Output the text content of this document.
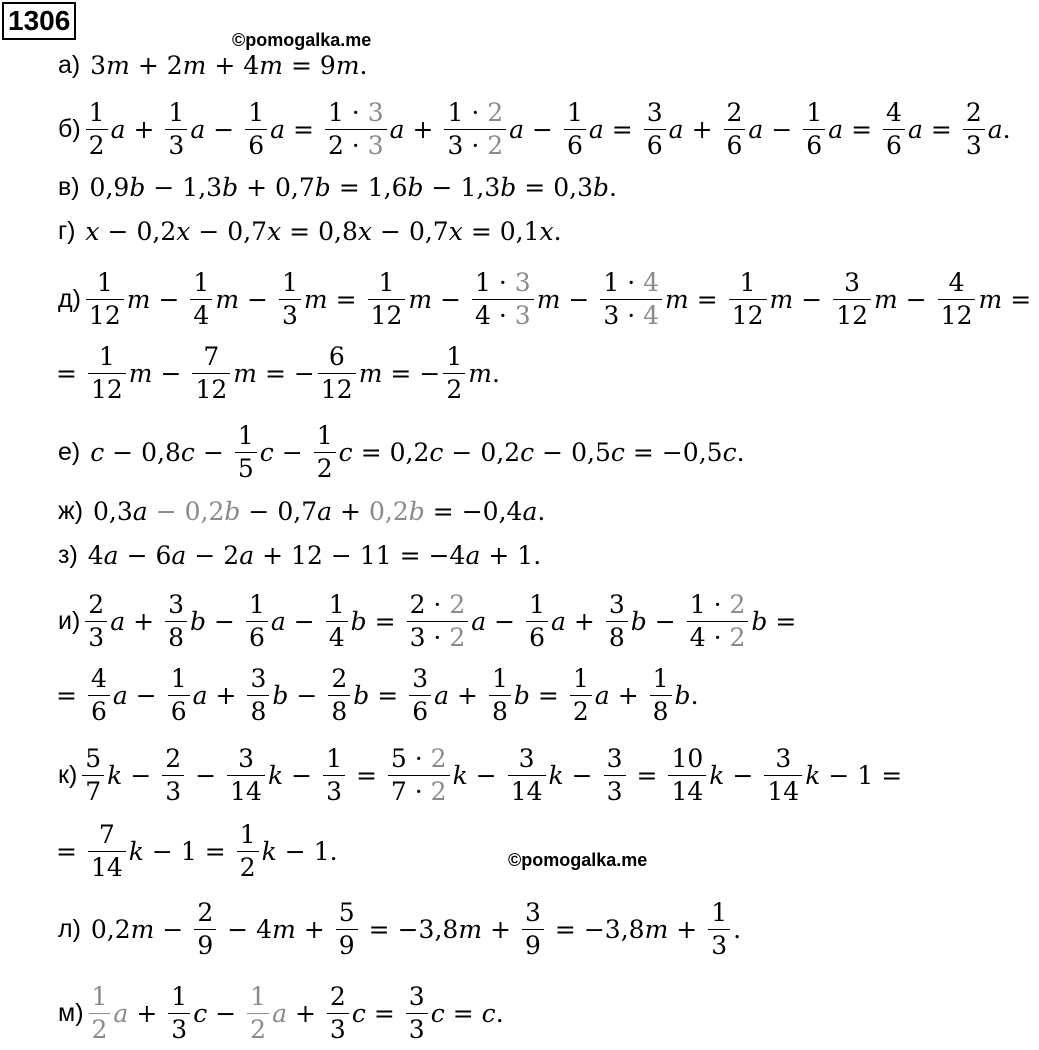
1306
©pomogalka.me
©pomogalka.me
а) 3m + 2m + 4m = 9m.
$б) \frac{1}{2}$ $a + \frac{1}{3}$ $a - \frac{1}{6}$ $a = \frac{1 \cdot 3}{2 \cdot 3}$ $a + \frac{1 \cdot 2}{3 \cdot 2}$ $a - \frac{1}{6}$ $a = \frac{3}{6}$ $a + \frac{2}{6}$ $a - \frac{1}{6}$ $a = \frac{4}{6}$ $a = \frac{2}{3}$ a .
в) 0,9b − 1,3b + 0,7b = 1,6b − 1,3b = 0,3b.
г) x − 0,2x − 0,7x = 0,8x − 0,7x = 0,1x.
$д) \frac{1}{12}$ $m - \frac{1}{4}$ $m - \frac{1}{3}$ $m = \frac{1}{12}$ $m - \frac{1 \cdot 3}{4 \cdot 3}$ $m - \frac{1 \cdot 4}{3 \cdot 4}$ $m = \frac{1}{12}$ $m - \frac{3}{12}$ $m - \frac{4}{12}$ m =
= $\frac{1}{12}$ $m - \frac{7}{12}$ m = − $\frac{6}{12}$ m = − $\frac{1}{2}$ m .
е)
c − 0,8 $c - \frac{1}{5}$ $c - \frac{1}{2}$ c = 0,2 c − 0,2 c − 0,5 c = −0,5 c .
ж) 0,3a − 0,2b − 0,7a + 0,2b = −0,4a.
з) 4a − 6a − 2a + 12 − 11 = −4a + 1.
$и) \frac{2}{3}$ $a + \frac{3}{8}$ $b - \frac{1}{6}$ $a - \frac{1}{4}$ $b = \frac{2 \cdot 2}{3 \cdot 2}$ $a - \frac{1}{6}$ $a + \frac{3}{8}$ $b - \frac{1 \cdot 2}{4 \cdot 2}$ b =
= $\frac{4}{6}$ $a - \frac{1}{6}$ $a + \frac{3}{8}$ $b - \frac{2}{8}$ $b = \frac{3}{6}$ $a + \frac{1}{8}$ $b = \frac{1}{2}$ $a + \frac{1}{8}$ b .
$к) \frac{5}{7}$ $k - \frac{2}{3} - \frac{3}{14}$ $k - \frac{1}{3} = \frac{5 \cdot 2}{7 \cdot 2}$ $k - \frac{3}{14}$ $k - \frac{3}{3} = \frac{10}{14}$ $k - \frac{3}{14}$ k − 1 =
= $\frac{7}{14}$ $k - 1 = \frac{1}{2}$ k − 1.
л) 0,2 $m - \frac{2}{9} - 4$ $m + \frac{5}{9} = -3,8$ $m + \frac{3}{9} = -3,8$ $m + \frac{1}{3}$ .
$м) \frac{1}{2}$ $a + \frac{1}{3}$ $c - \frac{1}{2}$ $a + \frac{2}{3}$ $c = \frac{3}{3}$ c = c .
